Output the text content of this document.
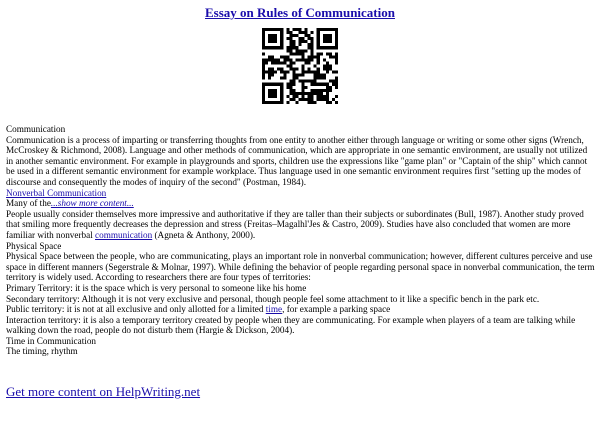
Essay on Rules of Communication

Communication

Communication is a process of imparting or transferring thoughts from one entity to another either through language or writing or some other signs (Wrench, McCroskey & Richmond, 2008). Language and other methods of communication, which are appropriate in one semantic environment, are usually not utilized in another semantic environment. For example in playgrounds and sports, children use the expressions like "game plan" or "Captain of the ship" which cannot be used in a different semantic environment for example workplace. Thus language used in one semantic environment requires first "setting up the modes of discourse and consequently the modes of inquiry of the second" (Postman, 1984).

Nonverbal Communication

Many of the...show more content...

People usually consider themselves more impressive and authoritative if they are taller than their subjects or subordinates (Bull, 1987). Another study proved that smiling more frequently decreases the depression and stress (Freitas–Magalhl'Jes & Castro, 2009). Studies have also concluded that women are more familiar with nonverbal communication (Agneta & Anthony, 2000).

Physical Space

Physical Space between the people, who are communicating, plays an important role in nonverbal communication; however, different cultures perceive and use space in different manners (Segerstrale & Molnar, 1997). While defining the behavior of people regarding personal space in nonverbal communication, the term territory is widely used. According to researchers there are four types of territories:

Primary Territory: it is the space which is very personal to someone like his home

Secondary territory: Although it is not very exclusive and personal, though people feel some attachment to it like a specific bench in the park etc.

Public territory: it is not at all exclusive and only allotted for a limited time, for example a parking space

Interaction territory: it is also a temporary territory created by people when they are communicating. For example when players of a team are talking while walking down the road, people do not disturb them (Hargie & Dickson, 2004).

Time in Communication

The timing, rhythm

Get more content on HelpWriting.net
